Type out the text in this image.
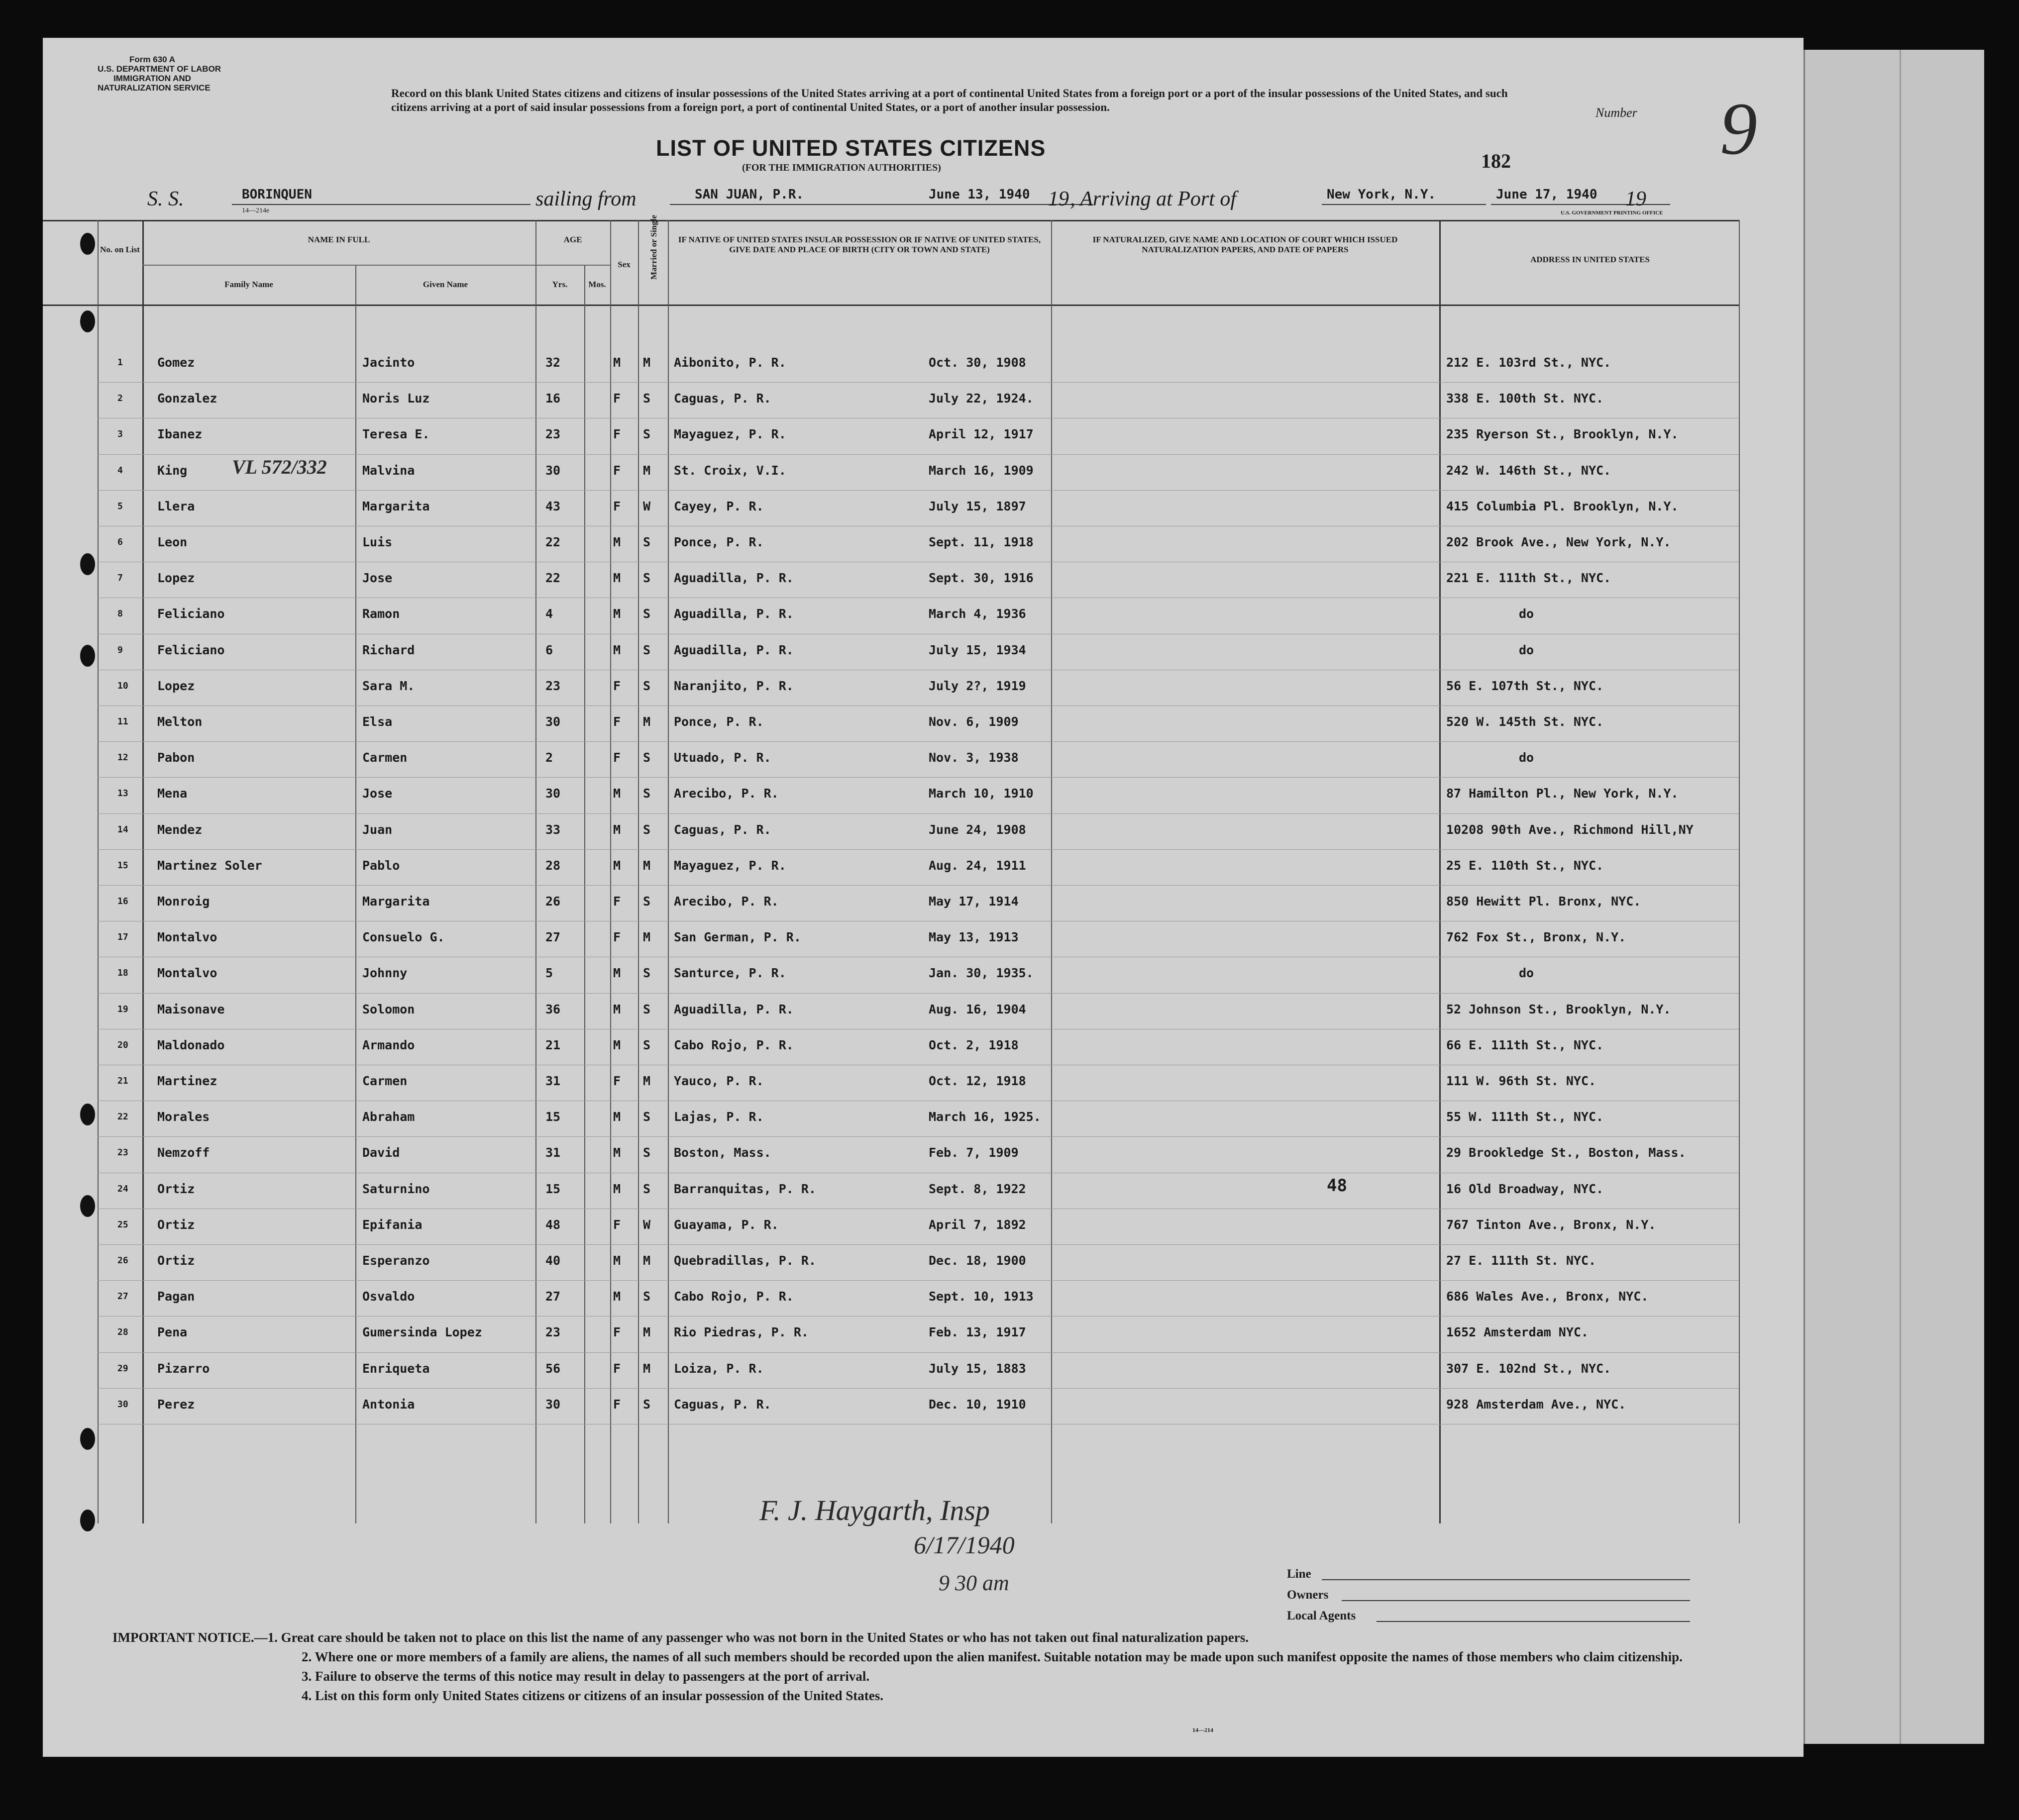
Form 630 A
U.S. DEPARTMENT OF LABOR
IMMIGRATION AND
NATURALIZATION SERVICE	Record on this blank United States citizens and citizens of insular possessions of the United States arriving at a port of continental United States from a foreign port or a port of the insular possessions of the United States, and such citizens arriving at a port of said insular possessions from a foreign port, a port of continental United States, or a port of another insular possession.	Number 9
LIST OF UNITED STATES CITIZENS
(FOR THE IMMIGRATION AUTHORITIES)	182
S. S.	BORINQUEN	sailing from	SAN JUAN, P.R.	June 13, 1940 19 , Arriving at Port of	New York, N.Y.	June 17, 1940 19
14—214e	U.S. GOVERNMENT PRINTING OFFICE
No. on List
NAME IN FULL
Family Name	Given Name
AGE
Yrs.	Mos.
Sex	Married or Single	IF NATIVE OF UNITED STATES INSULAR POSSESSION OR IF NATIVE OF UNITED STATES, GIVE DATE AND PLACE OF BIRTH (CITY OR TOWN AND STATE)
IF NATURALIZED, GIVE NAME AND LOCATION OF COURT WHICH ISSUED NATURALIZATION PAPERS, AND DATE OF PAPERS
ADDRESS IN UNITED STATES
1	Gomez	Jacinto	32	M M Aibonito, P. R.	Oct. 30, 1908	212 E. 103rd St., NYC.
2	Gonzalez	Noris Luz	16	F S Caguas, P. R.	July 22, 1924.	338 E. 100th St. NYC.
3	Ibanez	Teresa E.	23	F S Mayaguez, P. R.	April 12, 1917	235 Ryerson St., Brooklyn, N.Y.
4	King	Malvina	30	F M St. Croix, V.I.	March 16, 1909	242 W. 146th St., NYC.
VL 572/332
5	Llera	Margarita	43	F W Cayey, P. R.	July 15, 1897	415 Columbia Pl. Brooklyn, N.Y.
6	Leon	Luis	22	M S Ponce, P. R.	Sept. 11, 1918	202 Brook Ave., New York, N.Y.
7	Lopez	Jose	22	M S Aguadilla, P. R.	Sept. 30, 1916	221 E. 111th St., NYC.
8	Feliciano	Ramon	4	M S Aguadilla, P. R.	March 4, 1936	do
9	Feliciano	Richard	6	M S Aguadilla, P. R.	July 15, 1934	do
10 Lopez	Sara M.	23	F S Naranjito, P. R.	July 2?, 1919	56 E. 107th St., NYC.
11 Melton	Elsa	30	F M Ponce, P. R.	Nov. 6, 1909	520 W. 145th St. NYC.
12 Pabon	Carmen	2	F S Utuado, P. R.	Nov. 3, 1938	do
13 Mena	Jose	30	M S Arecibo, P. R.	March 10, 1910	87 Hamilton Pl., New York, N.Y.
14 Mendez	Juan	33	M S Caguas, P. R.	June 24, 1908	10208 90th Ave., Richmond Hill,NY
15 Martinez Soler	Pablo	28	M M Mayaguez, P. R.	Aug. 24, 1911	25 E. 110th St., NYC.
16 Monroig	Margarita	26	F S Arecibo, P. R.	May 17, 1914	850 Hewitt Pl. Bronx, NYC.
17 Montalvo	Consuelo G.	27	F M San German, P. R.	May 13, 1913	762 Fox St., Bronx, N.Y.
18 Montalvo	Johnny	5	M S Santurce, P. R.	Jan. 30, 1935.	do
19 Maisonave	Solomon	36	M S Aguadilla, P. R.	Aug. 16, 1904	52 Johnson St., Brooklyn, N.Y.
20 Maldonado	Armando	21	M S Cabo Rojo, P. R.	Oct. 2, 1918	66 E. 111th St., NYC.
21 Martinez	Carmen	31	F M Yauco, P. R.	Oct. 12, 1918	111 W. 96th St. NYC.
22 Morales	Abraham	15	M S Lajas, P. R.	March 16, 1925.	55 W. 111th St., NYC.
23 Nemzoff	David	31	M S Boston, Mass.	Feb. 7, 1909	29 Brookledge St., Boston, Mass.
24 Ortiz	Saturnino	15	M S Barranquitas, P. R.	Sept. 8, 1922	48	16 Old Broadway, NYC.
25 Ortiz	Epifania	48	F W Guayama, P. R.	April 7, 1892	767 Tinton Ave., Bronx, N.Y.
26 Ortiz	Esperanzo	40	M M Quebradillas, P. R.	Dec. 18, 1900	27 E. 111th St. NYC.
27 Pagan	Osvaldo	27	M S Cabo Rojo, P. R.	Sept. 10, 1913	686 Wales Ave., Bronx, NYC.
28 Pena	Gumersinda Lopez	23	F M Rio Piedras, P. R.	Feb. 13, 1917	1652 Amsterdam NYC.
29 Pizarro	Enriqueta	56	F M Loiza, P. R.	July 15, 1883	307 E. 102nd St., NYC.
30 Perez	Antonia	30	F S Caguas, P. R.	Dec. 10, 1910	928 Amsterdam Ave., NYC.
F. J. Haygarth, Insp
6/17/1940
9 30 am	Line
Owners
Local Agents
IMPORTANT NOTICE.—1. Great care should be taken not to place on this list the name of any passenger who was not born in the United States or who has not taken out final naturalization papers.
2. Where one or more members of a family are aliens, the names of all such members should be recorded upon the alien manifest. Suitable notation may be made upon such manifest opposite the names of those members who claim citizenship.
3. Failure to observe the terms of this notice may result in delay to passengers at the port of arrival.
4. List on this form only United States citizens or citizens of an insular possession of the United States.
14—214
